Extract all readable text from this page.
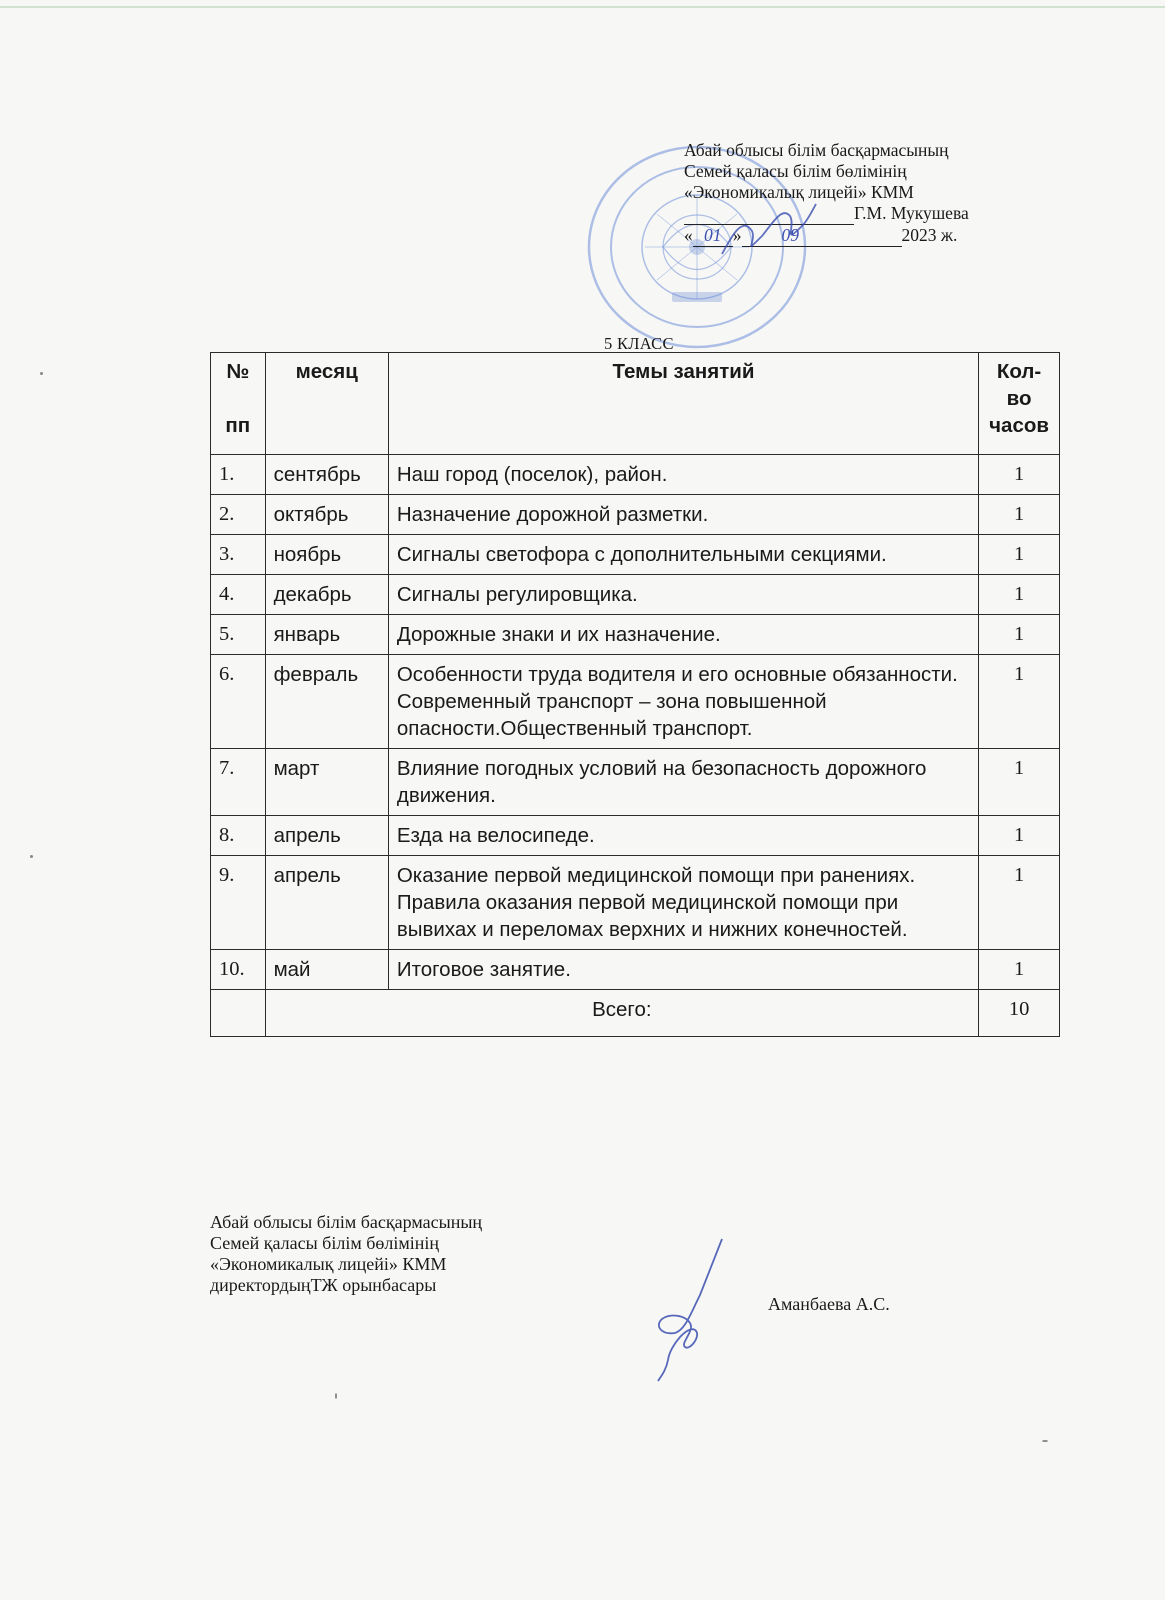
Абай облысы білім басқармасының
Семей қаласы білім бөлімінің
«Экономикалық лицейі» КММ
Г.М. Мукушева
« 01 » 09	2023 ж.
5 КЛАСС
№

пп	месяц	Темы занятий	Кол-
во
часов
1.	сентябрь	Наш город (поселок), район.	1
2.	октябрь	Назначение дорожной разметки.	1
3.	ноябрь	Сигналы светофора с дополнительными секциями.	1
4.	декабрь	Сигналы регулировщика.	1
5.	январь	Дорожные знаки и их назначение.	1
6.	февраль	Особенности труда водителя и его основные обязанности. Современный транспорт – зона повышенной опасности.Общественный транспорт.	1
7.	март	Влияние погодных условий на безопасность дорожного движения.	1
8.	апрель	Езда на велосипеде.	1
9.	апрель	Оказание первой медицинской помощи при ранениях. Правила оказания первой медицинской помощи при вывихах и переломах верхних и нижних конечностей.	1
10.	май	Итоговое занятие.	1
	Всего:		10
Абай облысы білім басқармасының
Семей қаласы білім бөлімінің
«Экономикалық лицейі» КММ
директордыңТЖ орынбасары
Аманбаева А.С.
